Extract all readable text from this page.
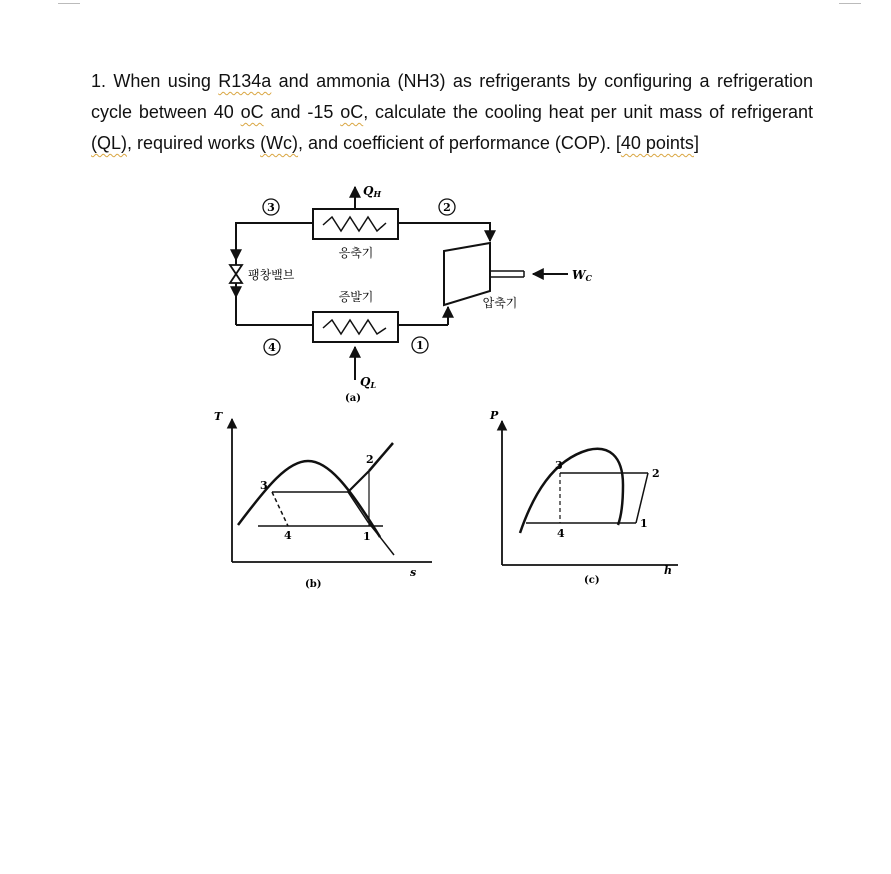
1. When using R134a and ammonia (NH3) as refrigerants by configuring a refrigeration cycle between 40 oC and -15 oC, calculate the cooling heat per unit mass of refrigerant (QL), required works (Wc), and coefficient of performance (COP). [40 points]

3	2
4	1
QH
응축기
팽창밸브
증발기	압축기
WC
QL
(a)
T
s
3
2
4	1
(b)
P
h
3
2
4
1
(c)
